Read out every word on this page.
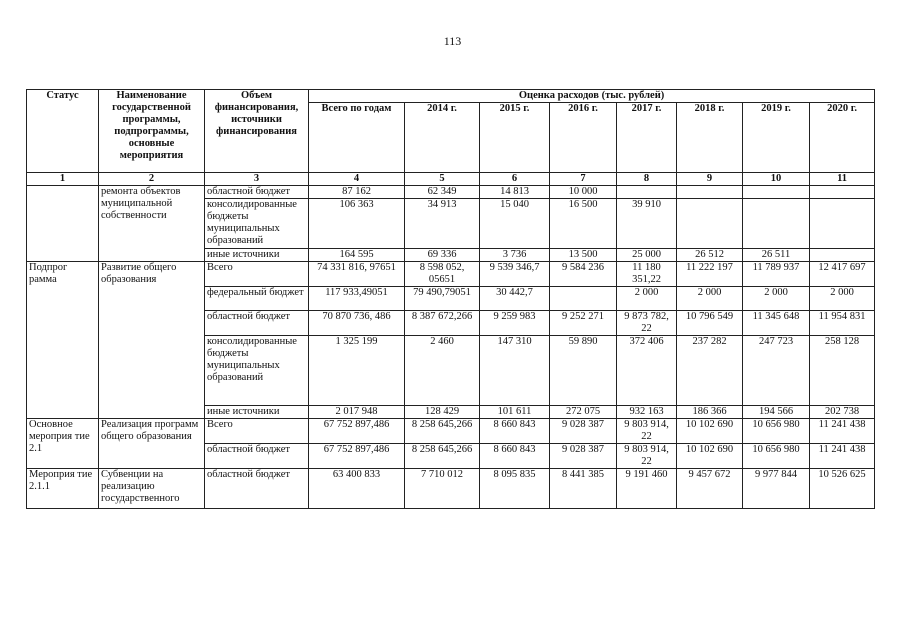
113
Статус	Наименование государственной программы, подпрограммы, основные мероприятия	Объем финансирования, источники финансирования	Оценка расходов (тыс. рублей)							
			Всего по годам	2014 г.	2015 г.	2016 г.	2017 г.	2018 г.	2019 г.	2020 г.
1	2	3	4	5	6	7	8	9	10	11
	ремонта объектов муниципальной собственности	областной бюджет	87 162	62 349	14 813	10 000				
		консолидированные бюджеты муниципальных образований	106 363	34 913	15 040	16 500	39 910			
		иные источники	164 595	69 336	3 736	13 500	25 000	26 512	26 511	
Подпрог рамма	Развитие общего образования	Всего	74 331 816, 97651	8 598 052, 05651	9 539 346,7	9 584 236	11 180 351,22	11 222 197	11 789 937	12 417 697
		федеральный бюджет	117 933,49051	79 490,79051	30 442,7		2 000	2 000	2 000	2 000
		областной бюджет	70 870 736, 486	8 387 672,266	9 259 983	9 252 271	9 873 782, 22	10 796 549	11 345 648	11 954 831
		консолидированные бюджеты муниципальных образований	1 325 199	2 460	147 310	59 890	372 406	237 282	247 723	258 128
		иные источники	2 017 948	128 429	101 611	272 075	932 163	186 366	194 566	202 738
Основное мероприя тие 2.1	Реализация программ общего образования	Всего	67 752 897,486	8 258 645,266	8 660 843	9 028 387	9 803 914, 22	10 102 690	10 656 980	11 241 438
		областной бюджет	67 752 897,486	8 258 645,266	8 660 843	9 028 387	9 803 914, 22	10 102 690	10 656 980	11 241 438
Мероприя тие 2.1.1	Субвенции на реализацию государственного	областной бюджет	63 400 833	7 710 012	8 095 835	8 441 385	9 191 460	9 457 672	9 977 844	10 526 625
